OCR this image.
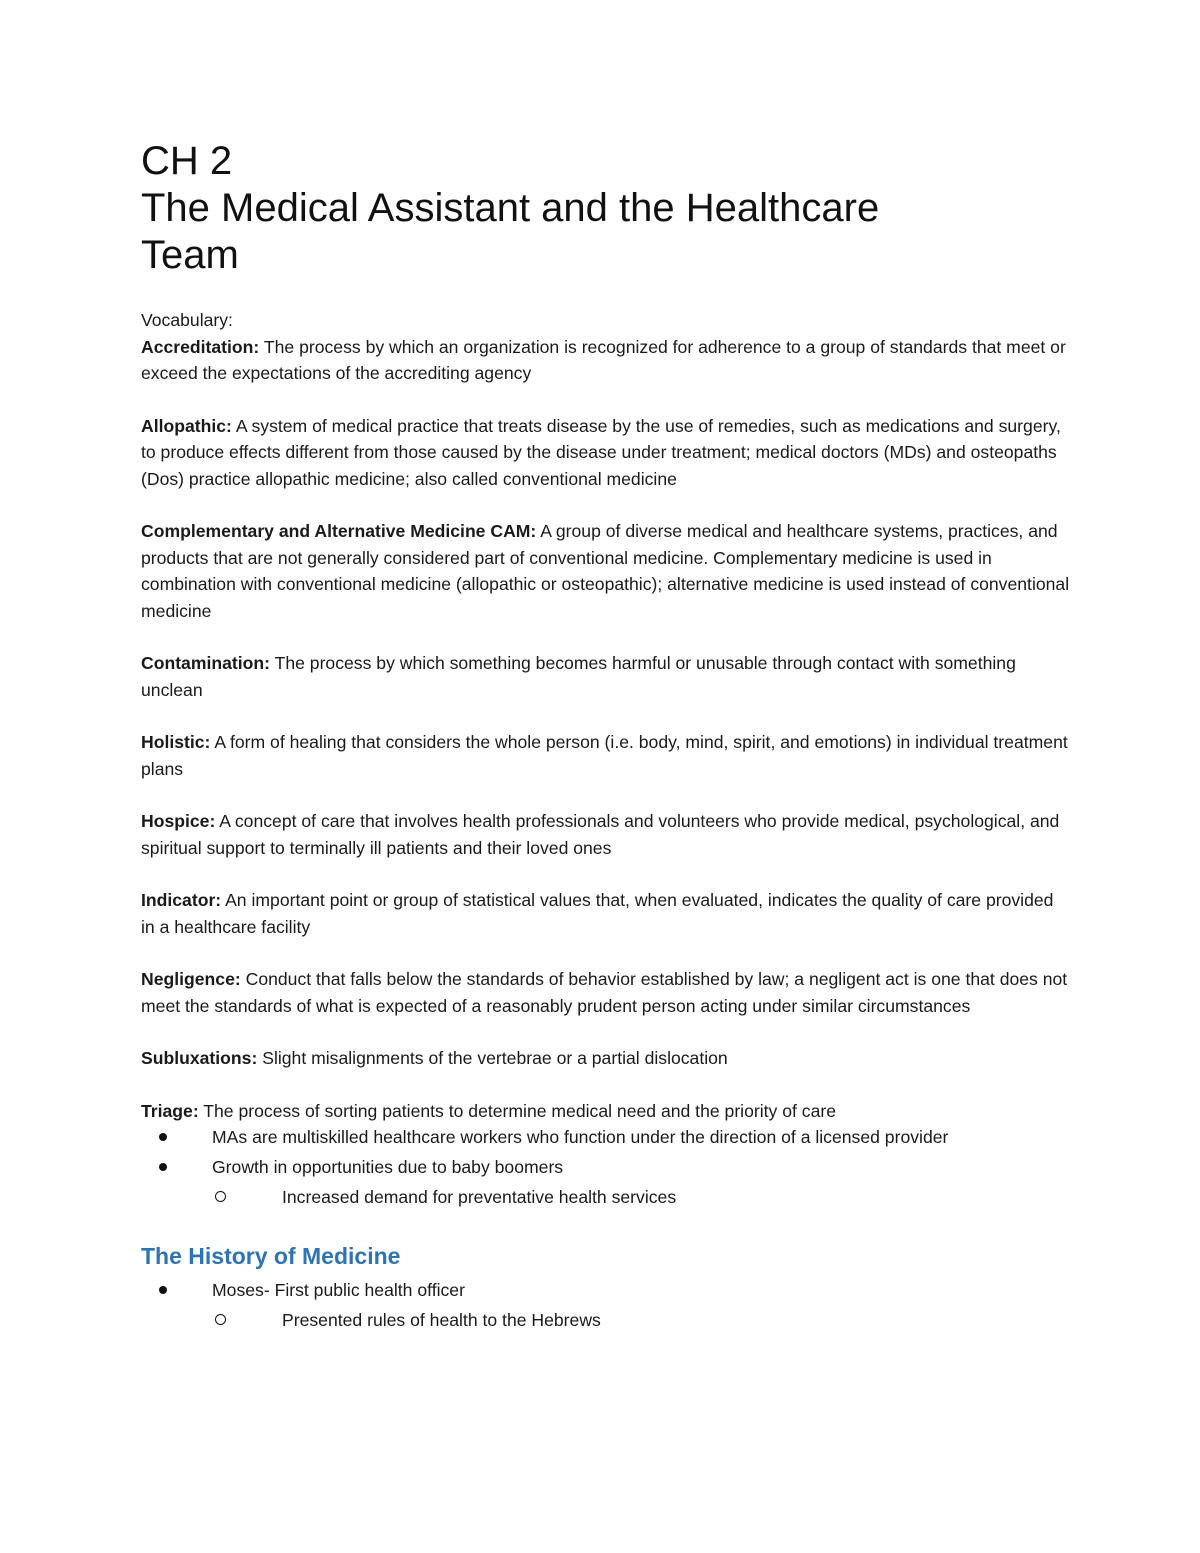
CH 2

The Medical Assistant and the Healthcare

Team

Vocabulary:

Accreditation: The process by which an organization is recognized for adherence to a group of standards that meet or exceed the expectations of the accrediting agency

Allopathic: A system of medical practice that treats disease by the use of remedies, such as medications and surgery, to produce effects different from those caused by the disease under treatment; medical doctors (MDs) and osteopaths (Dos) practice allopathic medicine; also called conventional medicine

Complementary and Alternative Medicine CAM: A group of diverse medical and healthcare systems, practices, and products that are not generally considered part of conventional medicine. Complementary medicine is used in combination with conventional medicine (allopathic or osteopathic); alternative medicine is used instead of conventional medicine

Contamination: The process by which something becomes harmful or unusable through contact with something unclean

Holistic: A form of healing that considers the whole person (i.e. body, mind, spirit, and emotions) in individual treatment plans

Hospice: A concept of care that involves health professionals and volunteers who provide medical, psychological, and spiritual support to terminally ill patients and their loved ones

Indicator: An important point or group of statistical values that, when evaluated, indicates the quality of care provided in a healthcare facility

Negligence: Conduct that falls below the standards of behavior established by law; a negligent act is one that does not meet the standards of what is expected of a reasonably prudent person acting under similar circumstances

Subluxations: Slight misalignments of the vertebrae or a partial dislocation

Triage: The process of sorting patients to determine medical need and the priority of care

MAs are multiskilled healthcare workers who function under the direction of a licensed provider
Growth in opportunities due to baby boomers
Increased demand for preventative health services
The History of Medicine
Moses- First public health officer
Presented rules of health to the Hebrews
